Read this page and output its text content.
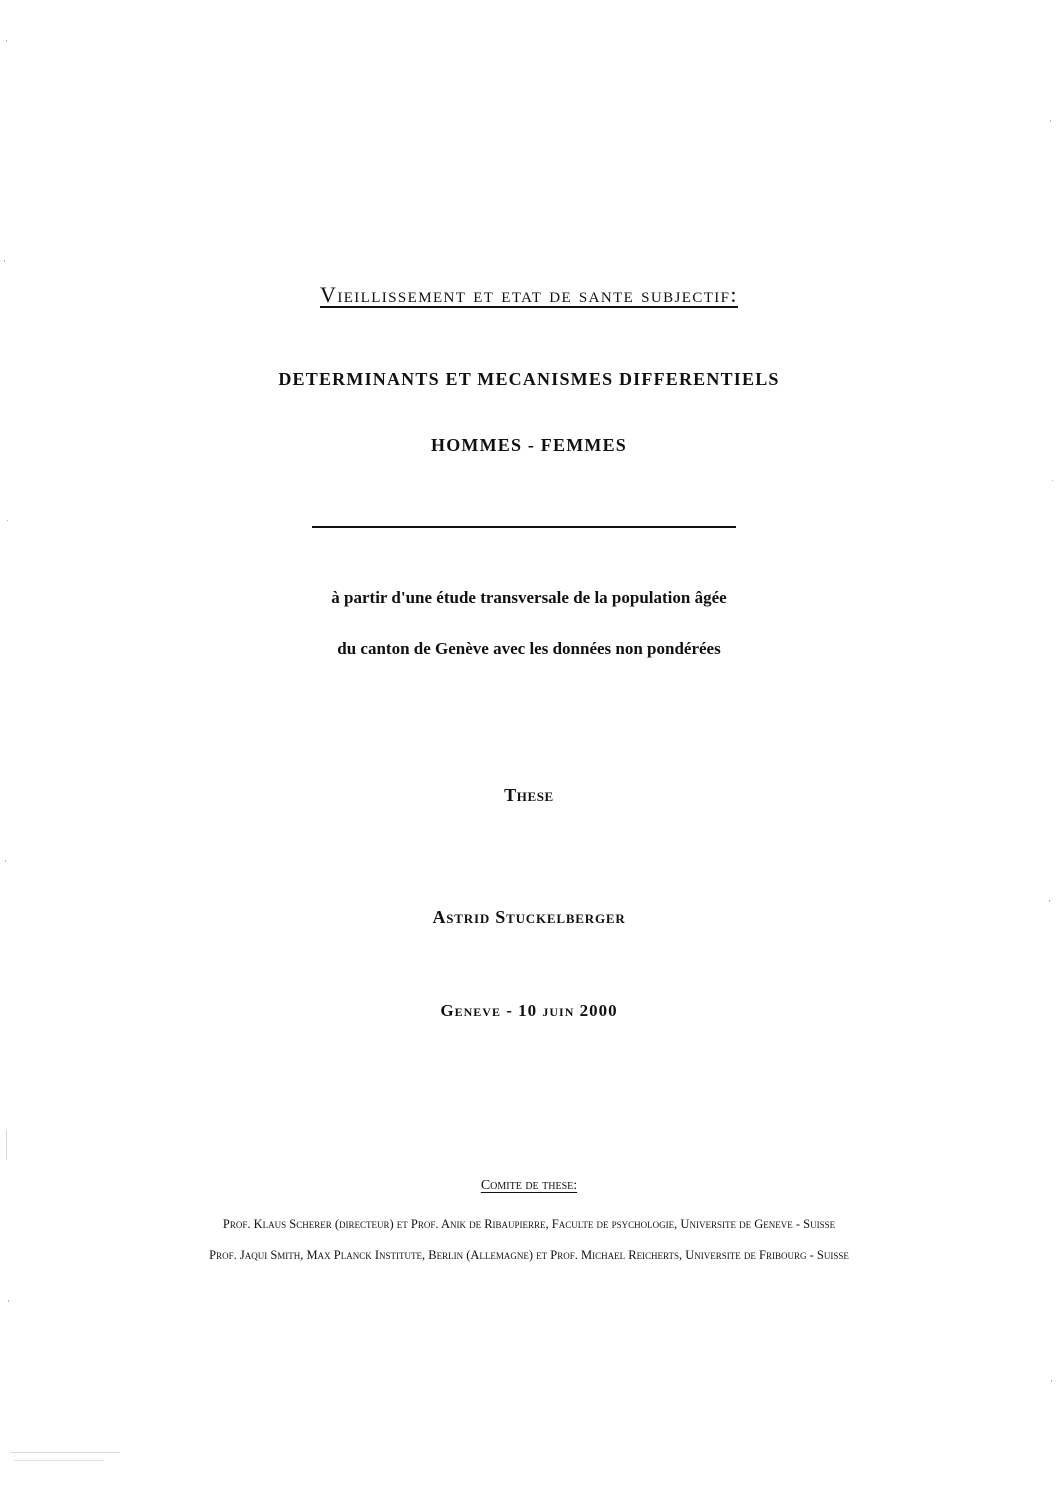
Vieillissement et etat de sante subjectif:
DETERMINANTS ET MECANISMES DIFFERENTIELS
HOMMES - FEMMES
à partir d'une étude transversale de la population âgée
du canton de Genève avec les données non pondérées
These
Astrid Stuckelberger
Geneve - 10 juin 2000
Comite de these:
Prof. Klaus Scherer (directeur) et Prof. Anik de Ribaupierre, Faculte de psychologie, Universite de Geneve - Suisse
Prof. Jaqui Smith, Max Planck Institute, Berlin (Allemagne) et Prof. Michael Reicherts, Universite de Fribourg - Suisse
